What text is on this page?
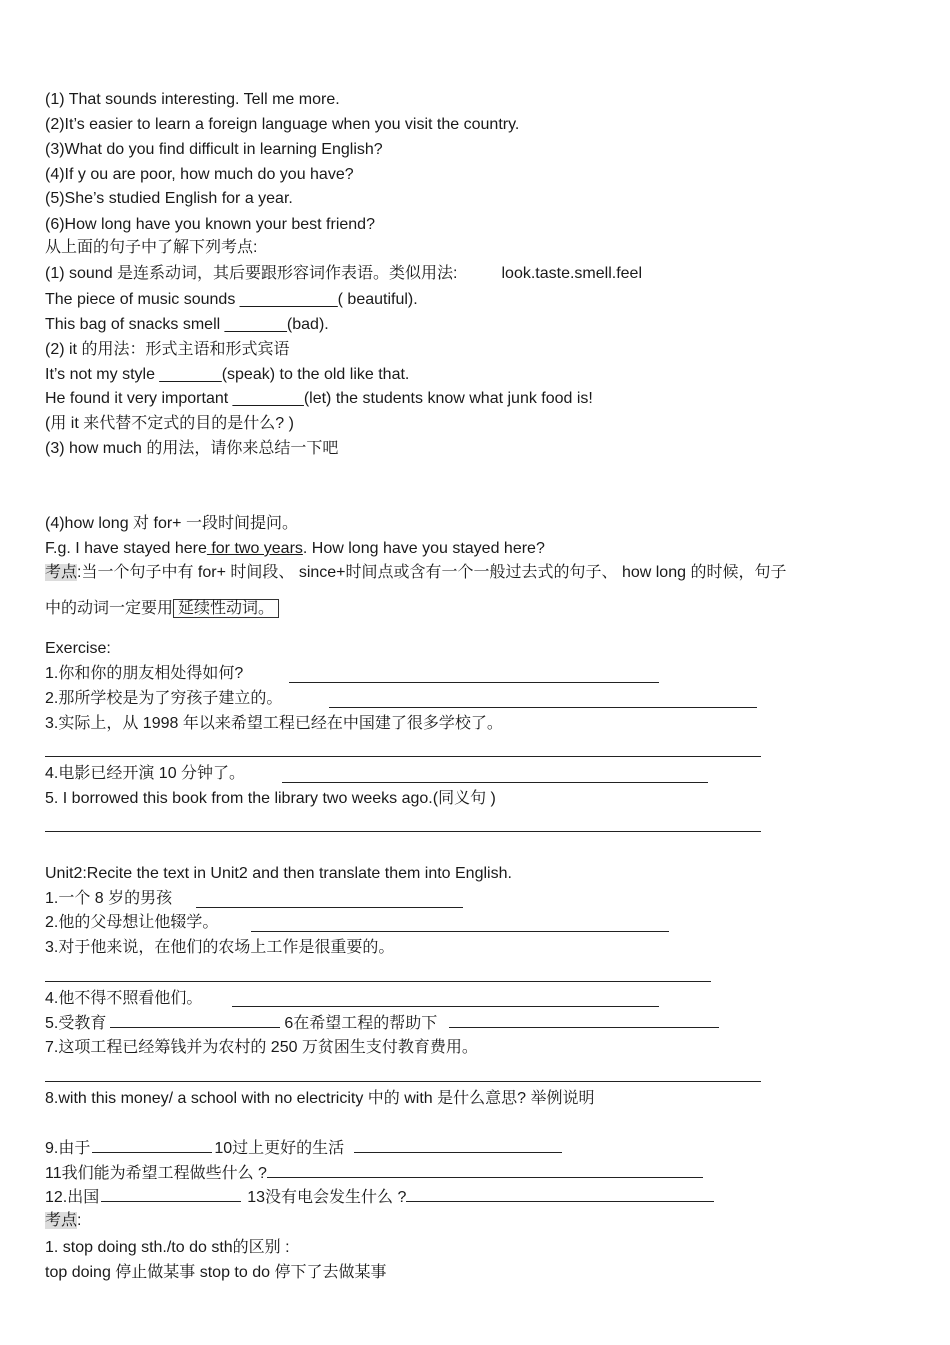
(1) That sounds interesting. Tell me more.
(2)It’s easier to learn a foreign language when you visit the country.
(3)What do you find difficult in learning English?
(4)If y ou are poor, how much do you have?
(5)She’s studied English for a year.
(6)How long have you known your best friend?
从上面的句子中了解下列考点:
(1) sound 是连系动词，其后要跟形容词作表语。类似用法:	look.taste.smell.feel
The piece of music sounds ___________( beautiful).
This bag of snacks smell _______(bad).
(2) it 的用法：形式主语和形式宾语
It’s not my style _______(speak) to the old like that.
He found it very important ________(let) the students know what junk food is!
(用 it 来代替不定式的目的是什么? )
(3) how much 的用法，请你来总结一下吧
(4)how long 对 for+ 一段时间提问。
F.g. I have stayed here for two years. How long have you stayed here?
考点:当一个句子中有 for+ 时间段、 since+时间点或含有一个一般过去式的句子、 how long 的时候，句子
中的动词一定要用 延续性动词。
Exercise:
1.你和你的朋友相处得如何?
2.那所学校是为了穷孩子建立的。
3.实际上，从 1998 年以来希望工程已经在中国建了很多学校了。
4.电影已经开演 10 分钟了。
5. I borrowed this book from the library two weeks ago.(同义句 )
Unit2:Recite the text in Unit2 and then translate them into English.
1.一个 8 岁的男孩
2.他的父母想让他辍学。
3.对于他来说，在他们的农场上工作是很重要的。
4.他不得不照看他们。
5.受教育	6在希望工程的帮助下
7.这项工程已经筹钱并为农村的 250 万贫困生支付教育费用。
8.with this money/ a school with no electricity 中的 with 是什么意思? 举例说明
9.由于	10过上更好的生活
11我们能为希望工程做些什么 ?
12.出国	13没有电会发生什么 ?
考点:
1. stop doing sth./to do sth的区别 :
top doing 停止做某事 stop to do 停下了去做某事
